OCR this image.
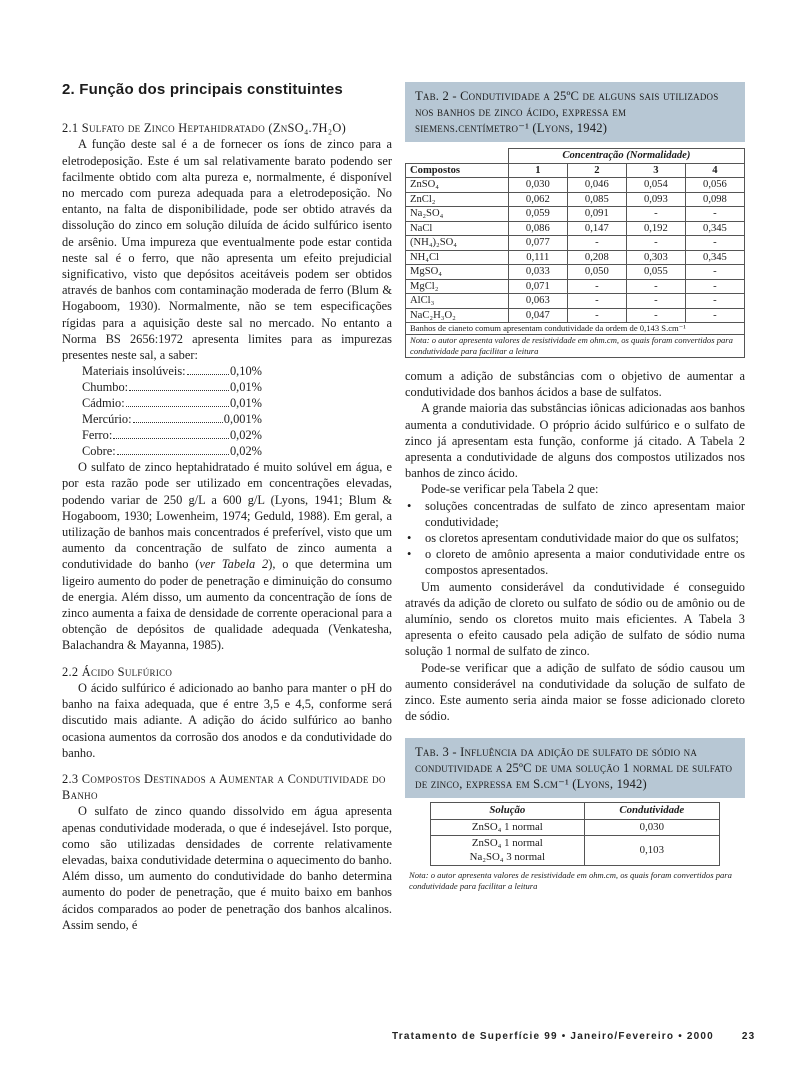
2. Função dos principais constituintes
2.1 Sulfato de Zinco Heptahidratado (ZnSO₄.7H₂O)

A função deste sal é a de fornecer os íons de zinco para a eletrodeposição. Este é um sal relativamente barato podendo ser facilmente obtido com alta pureza e, normalmente, é disponível no mercado com pureza adequada para a eletrodeposição. No entanto, na falta de disponibilidade, pode ser obtido através da dissolução do zinco em solução diluída de ácido sulfúrico isento de arsênio. Uma impureza que eventualmente pode estar contida neste sal é o ferro, que não apresenta um efeito prejudicial significativo, visto que depósitos aceitáveis podem ser obtidos através de banhos com contaminação moderada de ferro (Blum & Hogaboom, 1930). Normalmente, não se tem especificações rígidas para a aquisição deste sal no mercado. No entanto a Norma BS 2656:1972 apresenta limites para as impurezas presentes neste sal, a saber:

Materiais insolúveis:	0,10%
Chumbo:	0,01%
Cádmio:	0,01%
Mercúrio:	0,001%
Ferro:	0,02%
Cobre:	0,02%

O sulfato de zinco heptahidratado é muito solúvel em água, e por esta razão pode ser utilizado em concentrações elevadas, podendo variar de 250 g/L a 600 g/L (Lyons, 1941; Blum & Hogaboom, 1930; Lowenheim, 1974; Geduld, 1988). Em geral, a utilização de banhos mais concentrados é preferível, visto que um aumento da concentração de sulfato de zinco aumenta a condutividade do banho (ver Tabela 2), o que determina um ligeiro aumento do poder de penetração e diminuição do consumo de energia. Além disso, um aumento da concentração de íons de zinco aumenta a faixa de densidade de corrente operacional para a obtenção de depósitos de qualidade adequada (Venkatesha, Balachandra & Mayanna, 1985).

2.2 Ácido Sulfúrico

O ácido sulfúrico é adicionado ao banho para manter o pH do banho na faixa adequada, que é entre 3,5 e 4,5, conforme será discutido mais adiante. A adição do ácido sulfúrico ao banho ocasiona aumentos da corrosão dos anodos e da condutividade do banho.

2.3 Compostos Destinados a Aumentar a Condutividade do Banho

O sulfato de zinco quando dissolvido em água apresenta apenas condutividade moderada, o que é indesejável. Isto porque, como são utilizadas densidades de corrente relativamente elevadas, baixa condutividade determina o aquecimento do banho. Além disso, um aumento do condutividade do banho determina aumento do poder de penetração, que é muito baixo em banhos ácidos comparados ao poder de penetração dos banhos alcalinos. Assim sendo, é

Tab. 2 - Condutividade a 25ºC de alguns sais utilizados nos banhos de zinco ácido, expressa em siemens.centímetro⁻¹ (Lyons, 1942)
	Concentração (Normalidade)			
Compostos	1	2	3	4
ZnSO₄	0,030	0,046	0,054	0,056
ZnCl₂	0,062	0,085	0,093	0,098
Na₂SO₄	0,059	0,091	-	-
NaCl	0,086	0,147	0,192	0,345
(NH₄)₂SO₄	0,077	-	-	-
NH₄Cl	0,111	0,208	0,303	0,345
MgSO₄	0,033	0,050	0,055	-
MgCl₂	0,071	-	-	-
AlCl₃	0,063	-	-	-
NaC₂H₃O₂	0,047	-	-	-
Banhos de cianeto comum apresentam condutividade da ordem de 0,143 S.cm⁻¹				
Nota: o autor apresenta valores de resistividade em ohm.cm, os quais foram convertidos para condutividade para facilitar a leitura				

comum a adição de substâncias com o objetivo de aumentar a condutividade dos banhos ácidos a base de sulfatos.

A grande maioria das substâncias iônicas adicionadas aos banhos aumenta a condutividade. O próprio ácido sulfúrico e o sulfato de zinco já apresentam esta função, conforme já citado. A Tabela 2 apresenta a condutividade de alguns dos compostos utilizados nos banhos de zinco ácido.

Pode-se verificar pela Tabela 2 que:

• soluções concentradas de sulfato de zinco apresentam maior condutividade;
• os cloretos apresentam condutividade maior do que os sulfatos;
• o cloreto de amônio apresenta a maior condutividade entre os compostos apresentados.

Um aumento considerável da condutividade é conseguido através da adição de cloreto ou sulfato de sódio ou de amônio ou de alumínio, sendo os cloretos muito mais eficientes. A Tabela 3 apresenta o efeito causado pela adição de sulfato de sódio numa solução 1 normal de sulfato de zinco.

Pode-se verificar que a adição de sulfato de sódio causou um aumento considerável na condutividade da solução de sulfato de zinco. Este aumento seria ainda maior se fosse adicionado cloreto de sódio.

Tab. 3 - Influência da adição de sulfato de sódio na condutividade a 25ºC de uma solução 1 normal de sulfato de zinco, expressa em S.cm⁻¹ (Lyons, 1942)
Solução	Condutividade
ZnSO₄ 1 normal	0,030

ZnSO₄ 1 normal
Na₂SO₄ 3 normal	0,103
Nota: o autor apresenta valores de resistividade em ohm.cm, os quais foram convertidos para condutividade para facilitar a leitura
Tratamento de Superfície 99 • Janeiro/Fevereiro • 2000	23
